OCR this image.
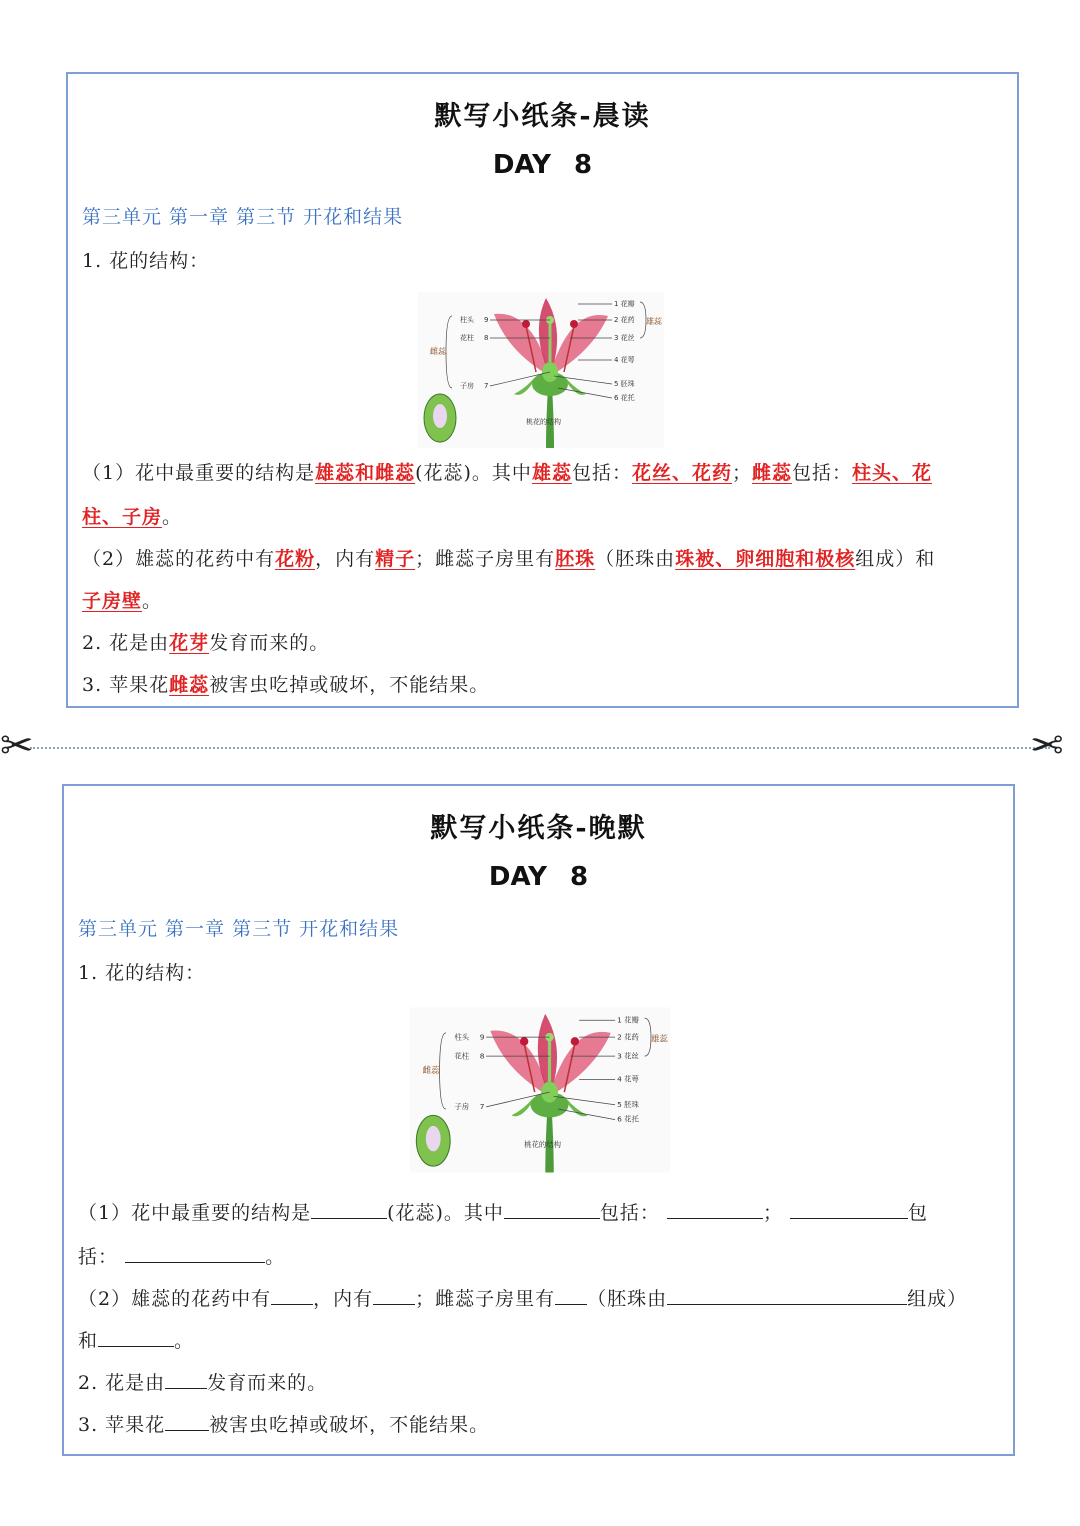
默写小纸条-晨读
DAY 8
第三单元 第一章 第三节 开花和结果
1. 花的结构：
柱头 9
花柱 8
子房 7
1 花瓣
2 花药
3 花丝
4 花萼
5 胚珠
6 花托
桃花的结构
雌蕊
雄蕊
（1）花中最重要的结构是雄蕊和雌蕊(花蕊)。其中雄蕊包括：花丝、花药；雌蕊包括：柱头、花
柱、子房。
（2）雄蕊的花药中有花粉，内有精子；雌蕊子房里有胚珠（胚珠由珠被、卵细胞和极核组成）和
子房壁。
2. 花是由花芽发育而来的。
3. 苹果花雌蕊被害虫吃掉或破坏，不能结果。
✂	✂
默写小纸条-晚默
DAY 8
第三单元 第一章 第三节 开花和结果
1. 花的结构：
柱头 9
花柱 8
子房 7
1 花瓣
2 花药
3 花丝
4 花萼
5 胚珠
6 花托
桃花的结构
雌蕊
雄蕊
（1）花中最重要的结构是	(花蕊)。其中	包括：	；	包
括：	。
（2）雄蕊的花药中有 ，内有 ；雌蕊子房里有 （胚珠由	组成）
和	。
2. 花是由 发育而来的。
3. 苹果花 被害虫吃掉或破坏，不能结果。
